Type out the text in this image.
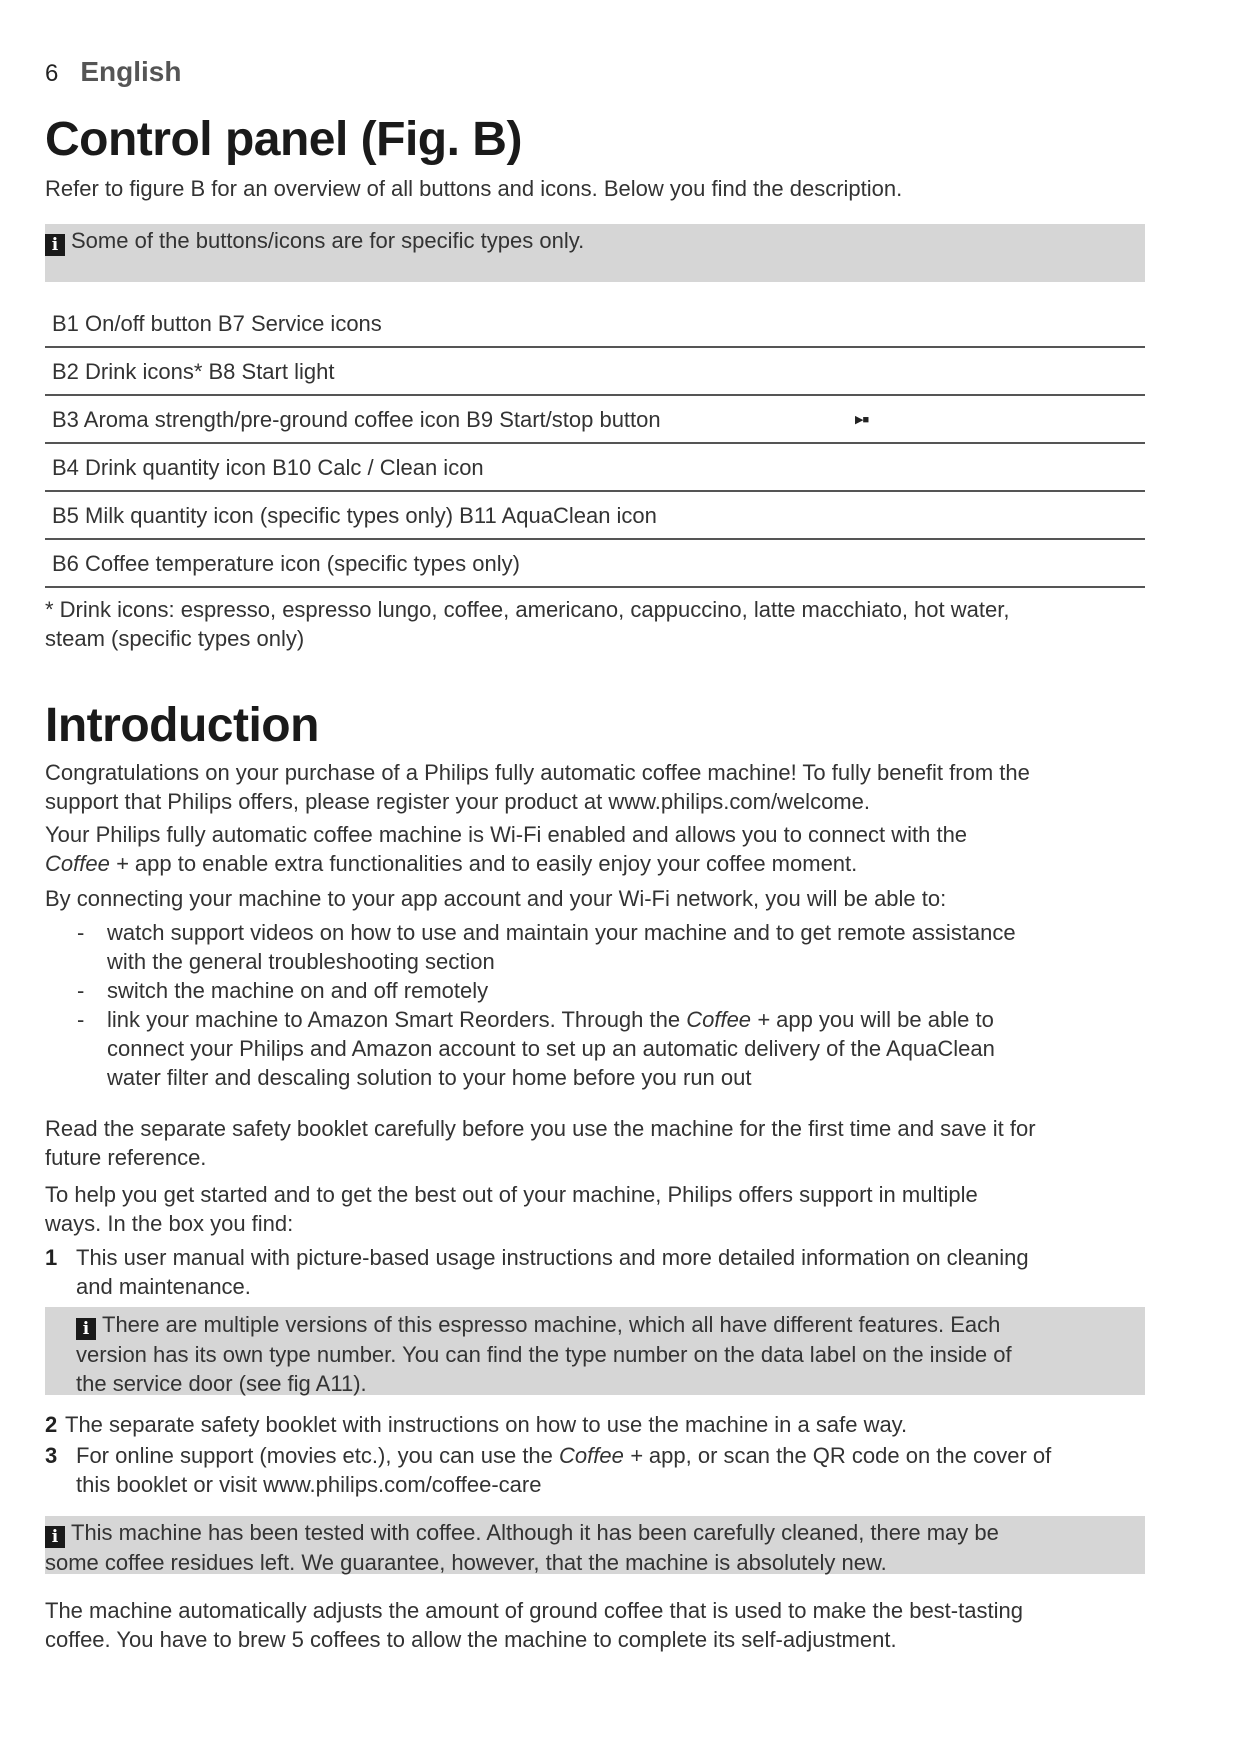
6 English
Control panel (Fig. B)

Refer to figure B for an overview of all buttons and icons. Below you find the description.

i Some of the buttons/icons are for specific types only.
B1 On/off button B7 Service icons
B2 Drink icons* B8 Start light
B3 Aroma strength/pre-ground coffee icon B9 Start/stop button	▶■
B4 Drink quantity icon B10 Calc / Clean icon
B5 Milk quantity icon (specific types only) B11 AquaClean icon
B6 Coffee temperature icon (specific types only)

* Drink icons: espresso, espresso lungo, coffee, americano, cappuccino, latte macchiato, hot water,
steam (specific types only)

Introduction

Congratulations on your purchase of a Philips fully automatic coffee machine! To fully benefit from the
support that Philips offers, please register your product at www.philips.com/welcome.

Your Philips fully automatic coffee machine is Wi-Fi enabled and allows you to connect with the
Coffee + app to enable extra functionalities and to easily enjoy your coffee moment.

By connecting your machine to your app account and your Wi-Fi network, you will be able to:

- watch support videos on how to use and maintain your machine and to get remote assistance
with the general troubleshooting section
- switch the machine on and off remotely
- link your machine to Amazon Smart Reorders. Through the Coffee + app you will be able to
connect your Philips and Amazon account to set up an automatic delivery of the AquaClean
water filter and descaling solution to your home before you run out

Read the separate safety booklet carefully before you use the machine for the first time and save it for
future reference.

To help you get started and to get the best out of your machine, Philips offers support in multiple
ways. In the box you find:

1 This user manual with picture-based usage instructions and more detailed information on cleaning
and maintenance.
i There are multiple versions of this espresso machine, which all have different features. Each
version has its own type number. You can find the type number on the data label on the inside of
the service door (see fig A11).
2 The separate safety booklet with instructions on how to use the machine in a safe way.
3 For online support (movies etc.), you can use the Coffee + app, or scan the QR code on the cover of
this booklet or visit www.philips.com/coffee-care
i This machine has been tested with coffee. Although it has been carefully cleaned, there may be
some coffee residues left. We guarantee, however, that the machine is absolutely new.

The machine automatically adjusts the amount of ground coffee that is used to make the best-tasting
coffee. You have to brew 5 coffees to allow the machine to complete its self-adjustment.
